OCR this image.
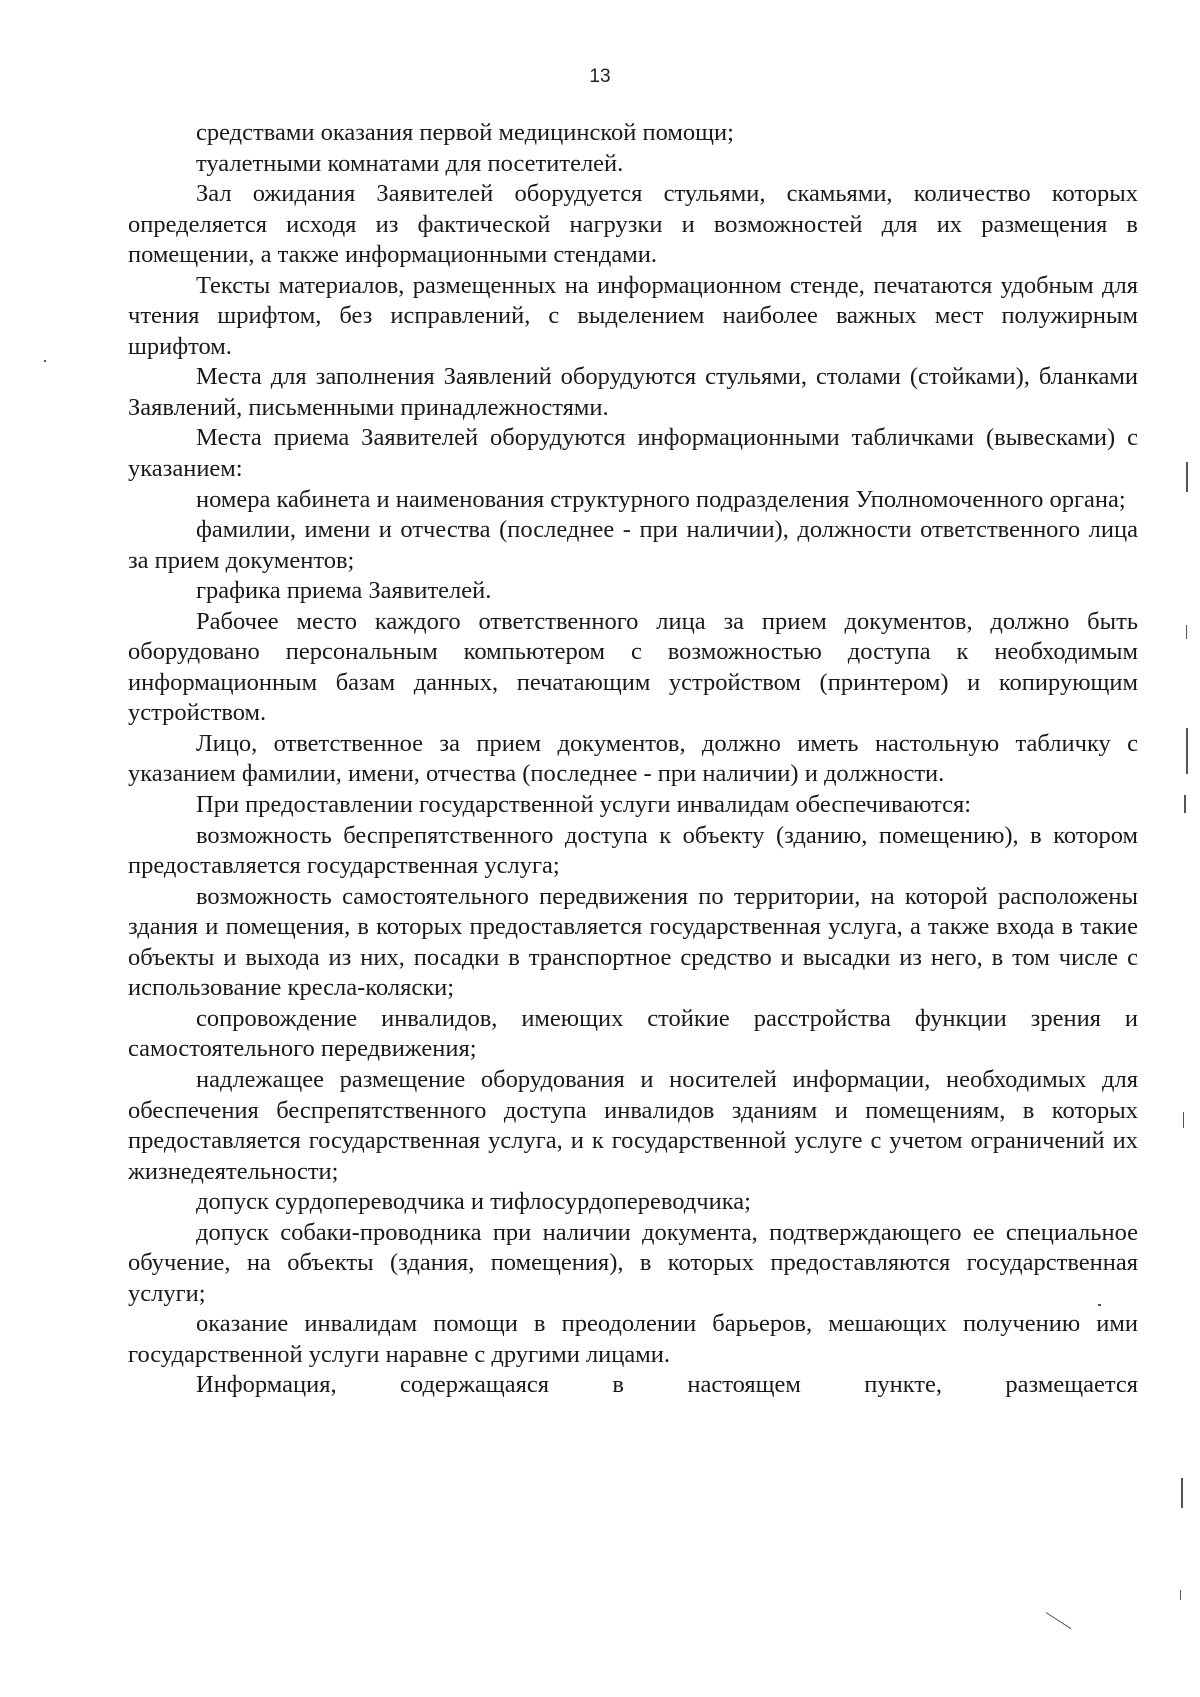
13

средствами оказания первой медицинской помощи;

туалетными комнатами для посетителей.

Зал ожидания Заявителей оборудуется стульями, скамьями, количество которых определяется исходя из фактической нагрузки и возможностей для их размещения в помещении, а также информационными стендами.

Тексты материалов, размещенных на информационном стенде, печатаются удобным для чтения шрифтом, без исправлений, с выделением наиболее важных мест полужирным шрифтом.

Места для заполнения Заявлений оборудуются стульями, столами (стойками), бланками Заявлений, письменными принадлежностями.

Места приема Заявителей оборудуются информационными табличками (вывесками) с указанием:

номера кабинета и наименования структурного подразделения Уполномоченного органа;

фамилии, имени и отчества (последнее - при наличии), должности ответственного лица за прием документов;

графика приема Заявителей.

Рабочее место каждого ответственного лица за прием документов, должно быть оборудовано персональным компьютером с возможностью доступа к необходимым информационным базам данных, печатающим устройством (принтером) и копирующим устройством.

Лицо, ответственное за прием документов, должно иметь настольную табличку с указанием фамилии, имени, отчества (последнее - при наличии) и должности.

При предоставлении государственной услуги инвалидам обеспечиваются:

возможность беспрепятственного доступа к объекту (зданию, помещению), в котором предоставляется государственная услуга;

возможность самостоятельного передвижения по территории, на которой расположены здания и помещения, в которых предоставляется государственная услуга, а также входа в такие объекты и выхода из них, посадки в транспортное средство и высадки из него, в том числе с использование кресла-коляски;

сопровождение инвалидов, имеющих стойкие расстройства функции зрения и самостоятельного передвижения;

надлежащее размещение оборудования и носителей информации, необходимых для обеспечения беспрепятственного доступа инвалидов зданиям и помещениям, в которых предоставляется государственная услуга, и к государственной услуге с учетом ограничений их жизнедеятельности;

допуск сурдопереводчика и тифлосурдопереводчика;

допуск собаки-проводника при наличии документа, подтверждающего ее специальное обучение, на объекты (здания, помещения), в которых предоставляются государственная услуги;

оказание инвалидам помощи в преодолении барьеров, мешающих получению ими государственной услуги наравне с другими лицами.

Информация, содержащаяся в настоящем пункте, размещается
